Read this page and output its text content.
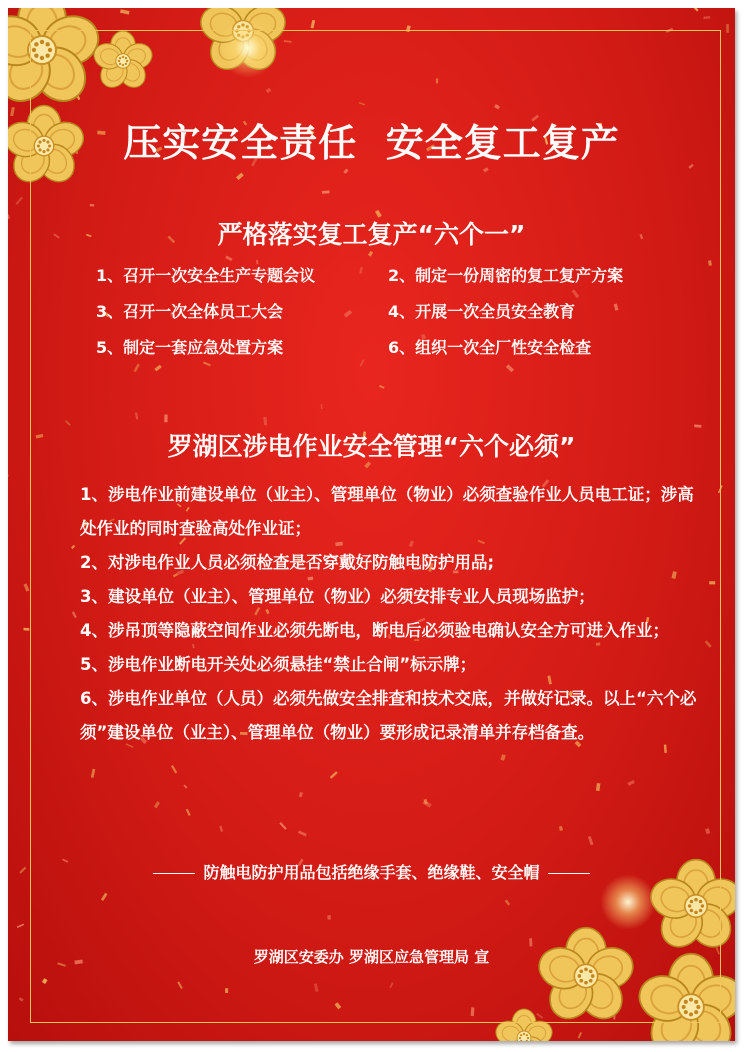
压实安全责任  安全复工复产
严格落实复工复产“六个一”
1、召开一次安全生产专题会议	2、制定一份周密的复工复产方案
3、召开一次全体员工大会	4、开展一次全员安全教育
5、制定一套应急处置方案	6、组织一次全厂性安全检查
罗湖区涉电作业安全管理“六个必须”

1、涉电作业前建设单位（业主）、管理单位（物业）必须查验作业人员电工证；涉高处作业的同时查验高处作业证；

2、对涉电作业人员必须检查是否穿戴好防触电防护用品;

3、建设单位（业主）、管理单位（物业）必须安排专业人员现场监护；

4、涉吊顶等隐蔽空间作业必须先断电，断电后必须验电确认安全方可进入作业；

5、涉电作业断电开关处必须悬挂“禁止合闸”标示牌；

6、涉电作业单位（人员）必须先做安全排查和技术交底，并做好记录。以上“六个必须”建设单位（业主）、管理单位（物业）要形成记录清单并存档备查。

防触电防护用品包括绝缘手套、绝缘鞋、安全帽
罗湖区安委办 罗湖区应急管理局 宣
